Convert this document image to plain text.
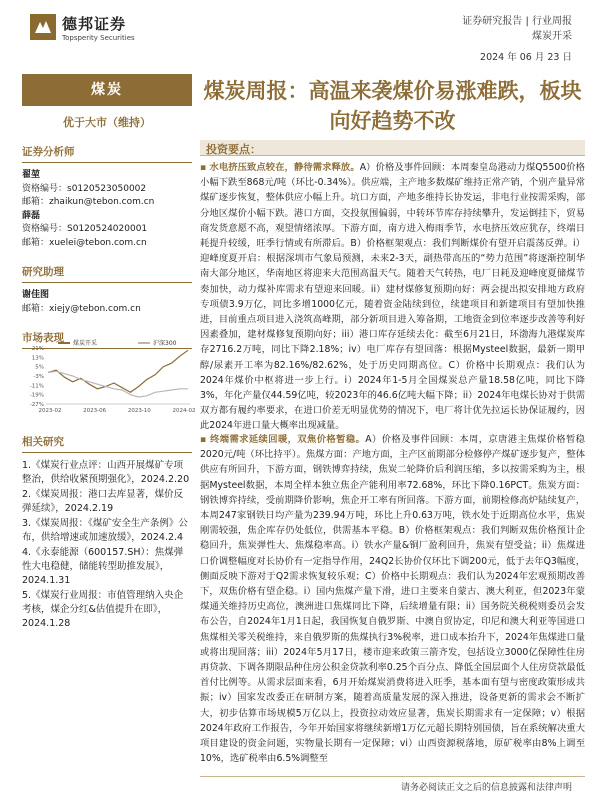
德邦证券
Topsperity Securities
证券研究报告 | 行业周报
煤炭开采
2024 年 06 月 23 日
煤炭
优于大市（维持）
证券分析师
翟堃
资格编号：s0120523050002
邮箱：zhaikun@tebon.com.cn
薛磊
资格编号：S0120524020001
邮箱：xuelei@tebon.com.cn
研究助理
谢佳图
邮箱：xiejy@tebon.com.cn
市场表现
21%
13%
5%
-3%
-11%
-19%
-27%
2023-02	2023-06	2023-10	2024-02
煤炭开采	沪深300
相关研究
1.《煤炭行业点评：山西开展煤矿专项整治，供给收紧预期强化》，2024.2.20
2.《煤炭周报：港口去库显著，煤价反弹延续》，2024.2.19
3.《煤炭周报：《煤矿安全生产条例》公布，供给增速或加速放缓》，2024.2.4
4.《永泰能源（600157.SH）：焦煤弹性大电稳健，储能转型助推发展》，2024.1.31
5.《煤炭行业周报：市值管理纳入央企考核，煤企分红&估值提升在即》，2024.1.28
煤炭周报：高温来袭煤价易涨难跌，板块向好趋势不改
投资要点：
▪ 水电挤压致点较在，静待需求释放。A）价格及事件回顾：本周秦皇岛港动力煤Q5500价格小幅下跌至868元/吨（环比-0.34%）。供应端，主产地多数煤矿维持正常产销，个别产量异常煤矿逐步恢复，整体供应小幅上升。坑口方面，产地多维持长协发运，非电行业按需采购，部分地区煤价小幅下跌。港口方面，交投氛围偏弱，中转环节库存持续攀升，发运倒挂下，贸易商发货意愿不高，观望情绪浓厚。下游方面，南方进入梅雨季节，水电挤压效应犹存，终端日耗提升较缓，旺季行情或有所滞后。B）价格框架观点：我们判断煤价有望开启震荡反弹。i）迎峰度夏开启：根据深圳市气象局预测，未来2-3天，副热带高压的“势力范围”将逐渐控制华南大部分地区，华南地区将迎来大范围高温天气。随着天气转热，电厂日耗及迎峰度夏储煤节奏加快，动力煤补库需求有望迎来回暖。ii）建材煤修复预期向好：两会提出拟安排地方政府专项债3.9万亿，同比多增1000亿元，随着资金陆续到位，续建项目和新建项目有望加快推进，目前重点项目进入浇筑高峰期，部分新项目进入筹备期，工地资金到位率逐步改善等利好因素叠加，建材煤修复预期向好；iii）港口库存延续去化：截至6月21日，环渤海九港煤炭库存2716.2万吨，同比下降2.18%；iv）电厂库存有望回落：根据Mysteel数据，最新一期甲醇/尿素开工率为82.16%/82.62%，处于历史同期高位。C）价格中长期观点：我们认为2024年煤价中枢将进一步上行。i）2024年1-5月全国煤炭总产量18.58亿吨，同比下降3%，年化产量仅44.59亿吨，较2023年的46.6亿吨大幅下降；ii）2024年电煤长协对于供需双方都有履约率要求，在进口价差无明显优势的情况下，电厂将计优先拉运长协保证履约，因此2024年进口量大概率出现减量。
▪ 终端需求延续回暖，双焦价格暂稳。A）价格及事件回顾：本周，京唐港主焦煤价格暂稳2020元/吨（环比持平）。焦煤方面：产地方面，主产区前期部分检修停产煤矿逐步复产，整体供应有所回升，下游方面，钢铁博弈持续，焦炭二轮降价后利润压缩，多以按需采购为主，根据Mysteel数据，本周全样本独立焦企产能利用率72.68%，环比下降0.16PCT。焦炭方面：钢铁博弈持续，受前期降价影响，焦企开工率有所回落。下游方面，前期检修高炉陆续复产，本周247家钢铁日均产量为239.94万吨，环比上升0.63万吨，铁水处于近期高位水平，焦炭刚需较强，焦企库存仍处低位，供需基本平稳。B）价格框架观点：我们判断双焦价格预计企稳回升，焦炭弹性大、焦煤稳率高。i）铁水产量&铜厂盈利回升，焦炭有望受益；ii）焦煤进口价调整幅度对长协价有一定指导作用，24Q2长协价仅环比下调200元，低于去年Q3幅度，侧面反映下游对于Q2需求恢复较乐观；C）价格中长期观点：我们认为2024年宏观预期改善下，双焦价格有望企稳。i）国内焦煤产量下滑，进口主要来自蒙古、澳大利亚，但2023年蒙煤通关维持历史高位，澳洲进口焦煤同比下降，后续增量有限；ii）国务院关税税则委员会发布公告，自2024年1月1日起，我国恢复自俄罗斯、中澳自贸协定，印尼和澳大利亚等国进口焦煤相关零关税维持，来自俄罗斯的焦煤执行3%税率，进口成本抬升下，2024年焦煤进口量或将出现回落；iii）2024年5月17日，楼市迎来政策三箭齐发，包括设立3000亿保障性住房再贷款、下调各期限品种住房公积金贷款利率0.25个百分点、降低全国层面个人住房贷款最低首付比例等。从需求层面来看，6月开始煤炭消费将进入旺季，基本面有望与密度政策形成共振；iv）国家发改委正在研制方案，随着高质量发展的深入推进，设备更新的需求会不断扩大，初步估算市场规模5万亿以上，投资拉动效应显著，焦炭长期需求有一定保障；v）根据2024年政府工作报告，今年开始国家将继续新增1万亿元超长期特别国债，旨在系统解决重大项目建设的资金问题，实物量长期有一定保障；vi）山西资源税落地，原矿税率由8%上调至10%，选矿税率由6.5%调整至
请务必阅读正文之后的信息披露和法律声明
